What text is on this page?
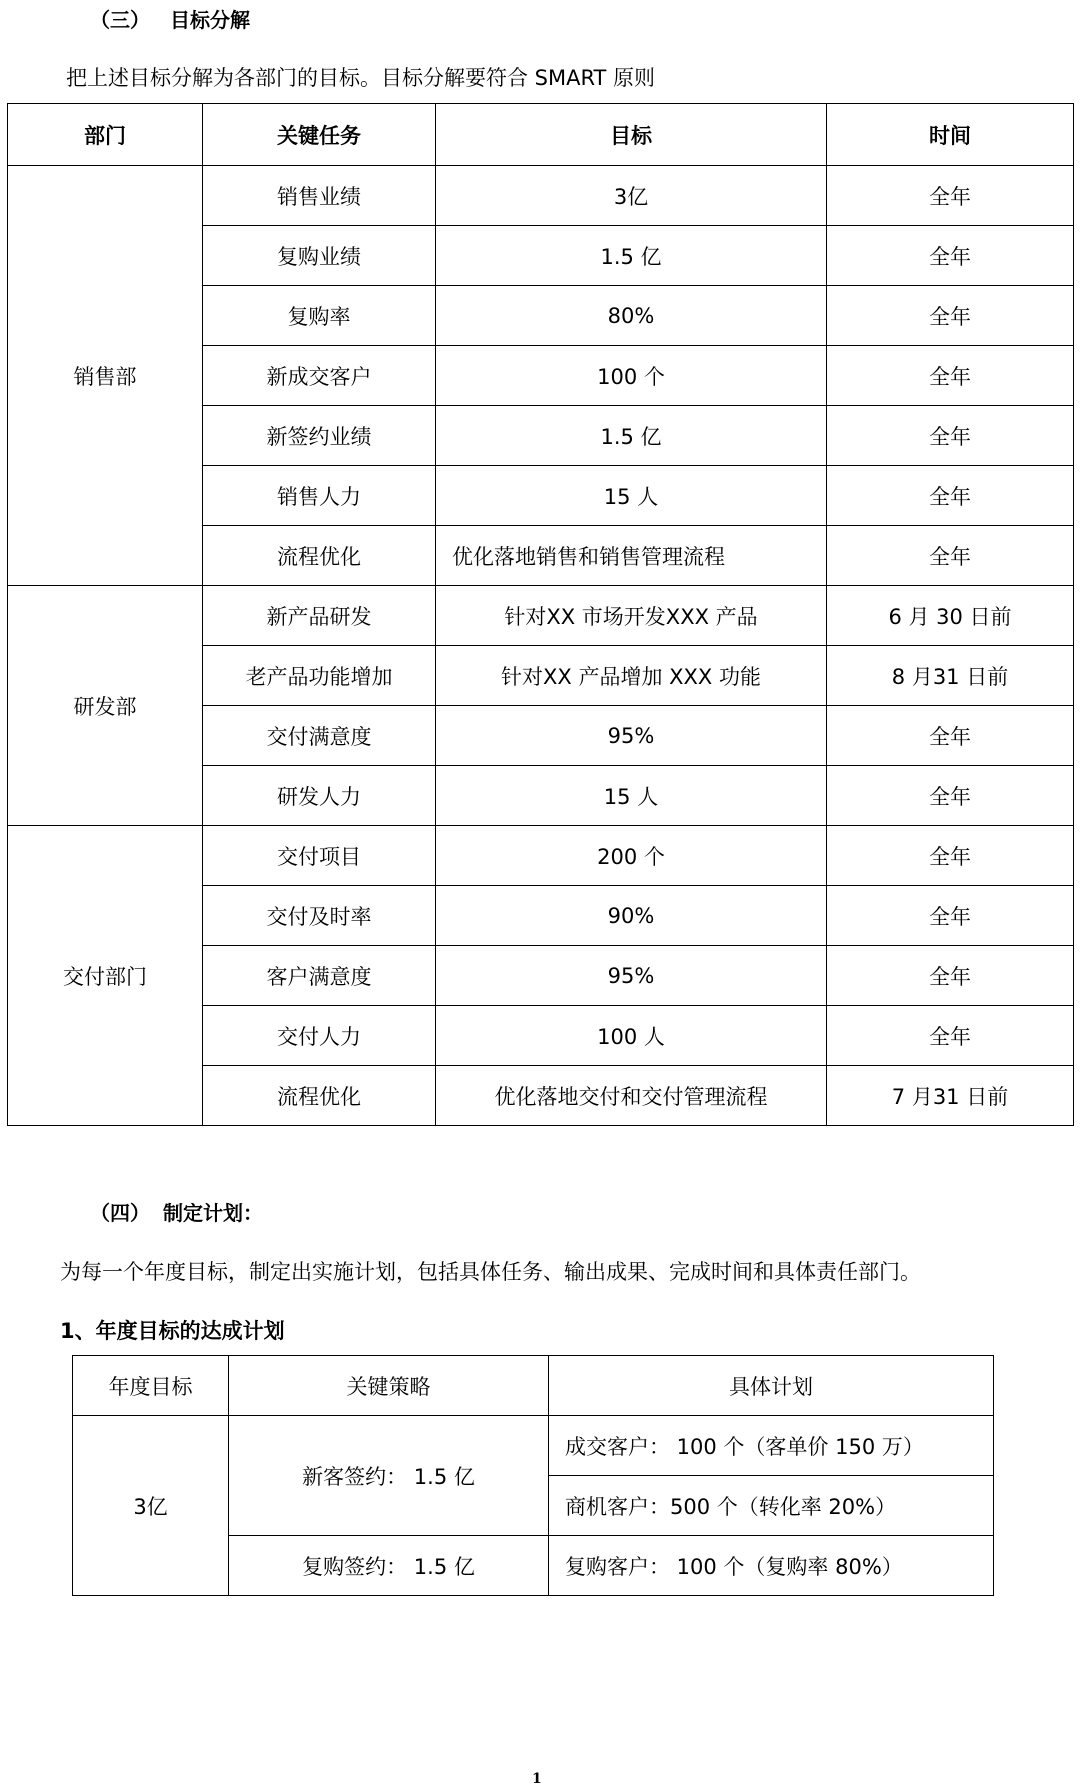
（三） 目标分解
把上述目标分解为各部门的目标。目标分解要符合 SMART 原则
部门	关键任务	目标	时间
销售部	销售业绩	3亿	全年
	复购业绩	1.5 亿	全年
	复购率	80%	全年
	新成交客户	100 个	全年
	新签约业绩	1.5 亿	全年
	销售人力	15 人	全年
	流程优化	优化落地销售和销售管理流程	全年
研发部	新产品研发	针对XX 市场开发XXX 产品	6 月 30 日前
	老产品功能增加	针对XX 产品增加 XXX 功能	8 月31 日前
	交付满意度	95%	全年
	研发人力	15 人	全年
交付部门	交付项目	200 个	全年
	交付及时率	90%	全年
	客户满意度	95%	全年
	交付人力	100 人	全年
	流程优化	优化落地交付和交付管理流程	7 月31 日前
（四） 制定计划：
为每一个年度目标，制定出实施计划，包括具体任务、输出成果、完成时间和具体责任部门。
1、年度目标的达成计划
年度目标	关键策略	具体计划
3亿	新客签约： 1.5 亿	成交客户： 100 个（客单价 150 万）
		商机客户：500 个（转化率 20%）
	复购签约： 1.5 亿	复购客户： 100 个（复购率 80%）
1
